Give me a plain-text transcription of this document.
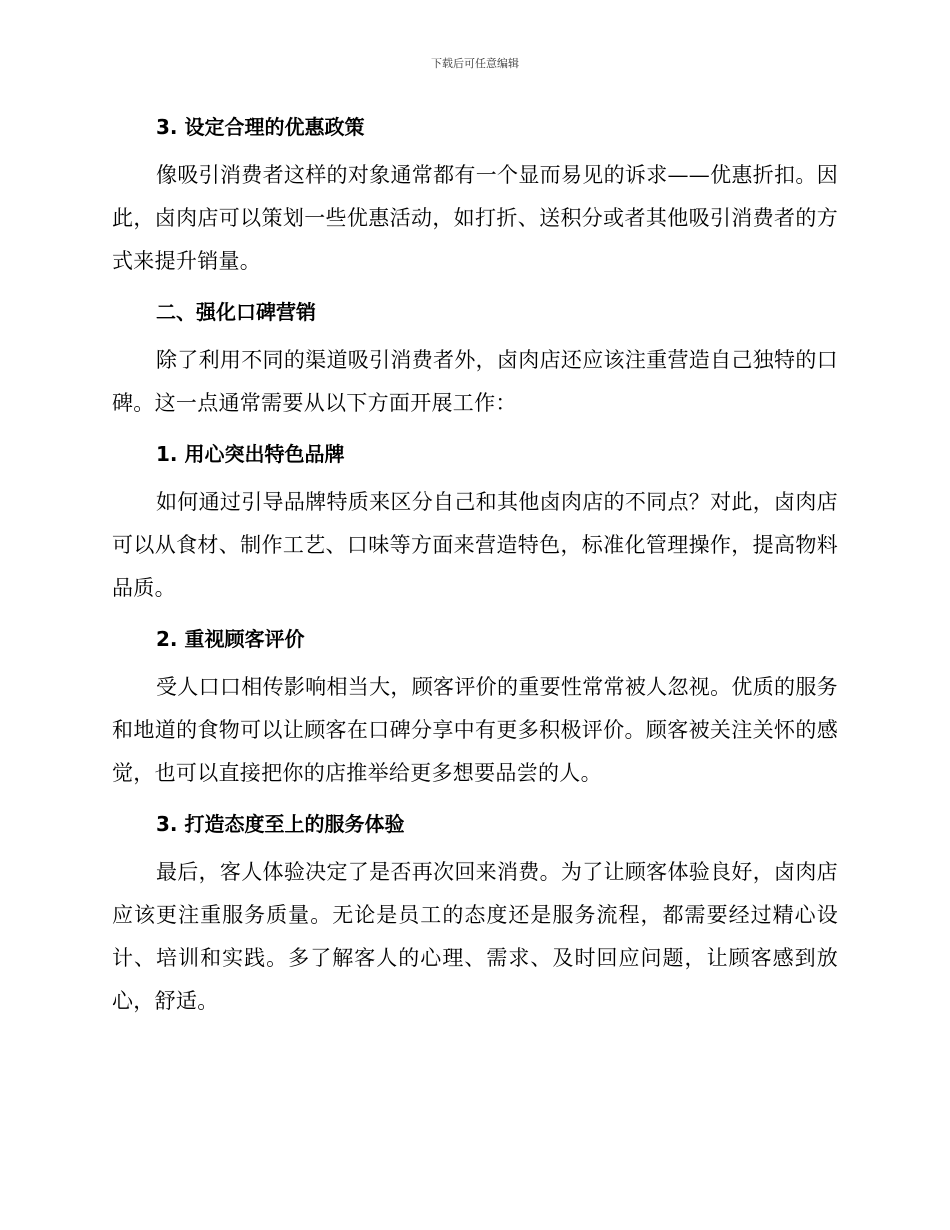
下载后可任意编辑
3. 设定合理的优惠政策

像吸引消费者这样的对象通常都有一个显而易见的诉求——优惠折扣。因此，卤肉店可以策划一些优惠活动，如打折、送积分或者其他吸引消费者的方式来提升销量。

二、强化口碑营销

除了利用不同的渠道吸引消费者外，卤肉店还应该注重营造自己独特的口碑。这一点通常需要从以下方面开展工作：

1. 用心突出特色品牌

如何通过引导品牌特质来区分自己和其他卤肉店的不同点？对此，卤肉店可以从食材、制作工艺、口味等方面来营造特色，标准化管理操作，提高物料品质。

2. 重视顾客评价

受人口口相传影响相当大，顾客评价的重要性常常被人忽视。优质的服务和地道的食物可以让顾客在口碑分享中有更多积极评价。顾客被关注关怀的感觉，也可以直接把你的店推举给更多想要品尝的人。

3. 打造态度至上的服务体验

最后，客人体验决定了是否再次回来消费。为了让顾客体验良好，卤肉店应该更注重服务质量。无论是员工的态度还是服务流程，都需要经过精心设计、培训和实践。多了解客人的心理、需求、及时回应问题，让顾客感到放心，舒适。
